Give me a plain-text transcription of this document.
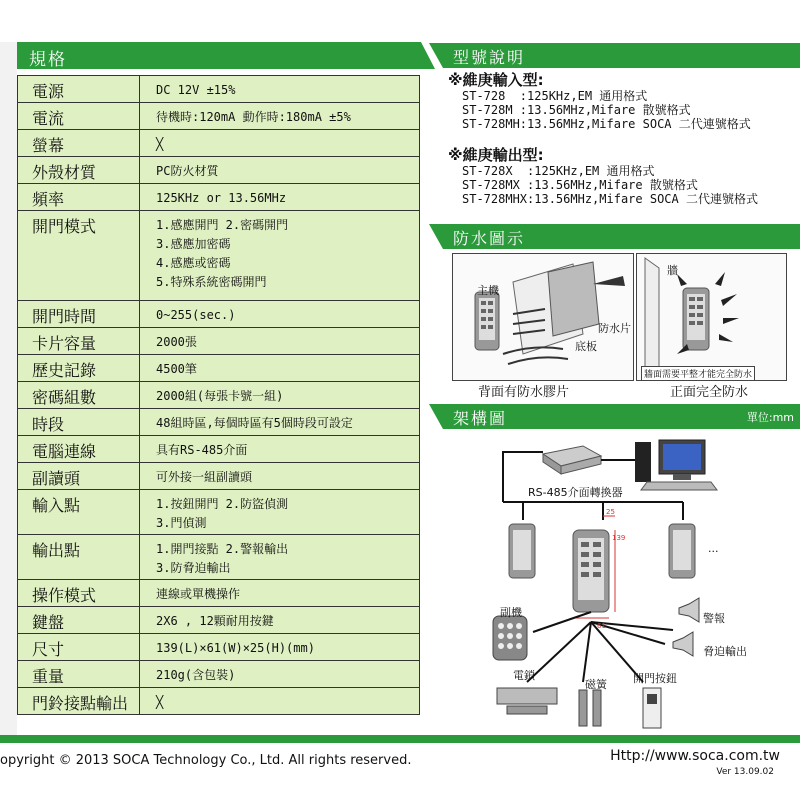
規格
電源	DC 12V ±15%

電流	待機時:120mA 動作時:180mA ±5%

螢幕	╳

外殼材質	PC防火材質

頻率	125KHz or 13.56MHz

開門模式	1.感應開門 2.密碼開門
3.感應加密碼
4.感應或密碼
5.特殊系統密碼開門

開門時間	0~255(sec.)

卡片容量	2000張

歷史記錄	4500筆

密碼組數	2000組(每張卡號一組)

時段	48組時區,每個時區有5個時段可設定

電腦連線	具有RS-485介面

副讀頭	可外接一組副讀頭

輸入點	1.按鈕開門 2.防盜偵測
3.門偵測

輸出點	1.開門接點 2.警報輸出
3.防脅迫輸出

操作模式	連線或單機操作

鍵盤	2X6 , 12顆耐用按鍵

尺寸	139(L)×61(W)×25(H)(mm)

重量	210g(含包裝)

門鈴接點輸出	╳
型號說明
※維庚輸入型:
ST-728  :125KHz,EM 通用格式
ST-728M :13.56MHz,Mifare 散號格式
ST-728MH:13.56MHz,Mifare SOCA 二代連號格式
※維庚輸出型:
ST-728X  :125KHz,EM 通用格式
ST-728MX :13.56MHz,Mifare 散號格式
ST-728MHX:13.56MHz,Mifare SOCA 二代連號格式
防水圖示
主機
防水片
底板
牆
牆面需要平整才能完全防水
背面有防水膠片	正面完全防水
架構圖	單位:mm
RS-485介面轉換器
...
副機	警報
脅迫輸出
電鎖
磁簧 開門按鈕
139
61
25
opyright © 2013 SOCA Technology Co., Ltd. All rights reserved.	Http://www.soca.com.tw
Ver 13.09.02
